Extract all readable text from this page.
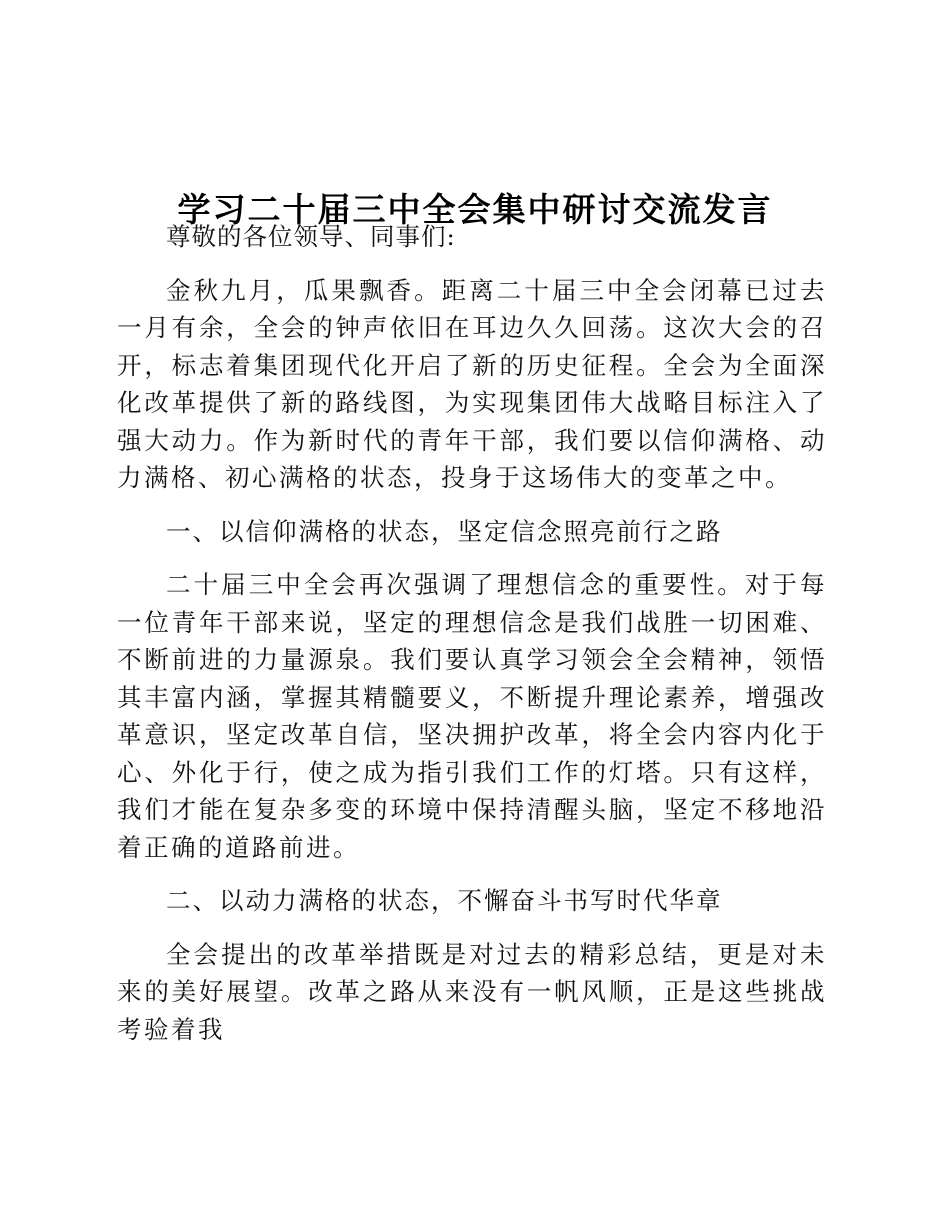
学习二十届三中全会集中研讨交流发言

尊敬的各位领导、同事们:

金秋九月，瓜果飘香。距离二十届三中全会闭幕已过去一月有余，全会的钟声依旧在耳边久久回荡。这次大会的召开，标志着集团现代化开启了新的历史征程。全会为全面深化改革提供了新的路线图，为实现集团伟大战略目标注入了强大动力。作为新时代的青年干部，我们要以信仰满格、动力满格、初心满格的状态，投身于这场伟大的变革之中。

一、以信仰满格的状态，坚定信念照亮前行之路

二十届三中全会再次强调了理想信念的重要性。对于每一位青年干部来说，坚定的理想信念是我们战胜一切困难、不断前进的力量源泉。我们要认真学习领会全会精神，领悟其丰富内涵，掌握其精髓要义，不断提升理论素养，增强改革意识，坚定改革自信，坚决拥护改革，将全会内容内化于心、外化于行，使之成为指引我们工作的灯塔。只有这样，我们才能在复杂多变的环境中保持清醒头脑，坚定不移地沿着正确的道路前进。

二、以动力满格的状态，不懈奋斗书写时代华章

全会提出的改革举措既是对过去的精彩总结，更是对未来的美好展望。改革之路从来没有一帆风顺，正是这些挑战考验着我
